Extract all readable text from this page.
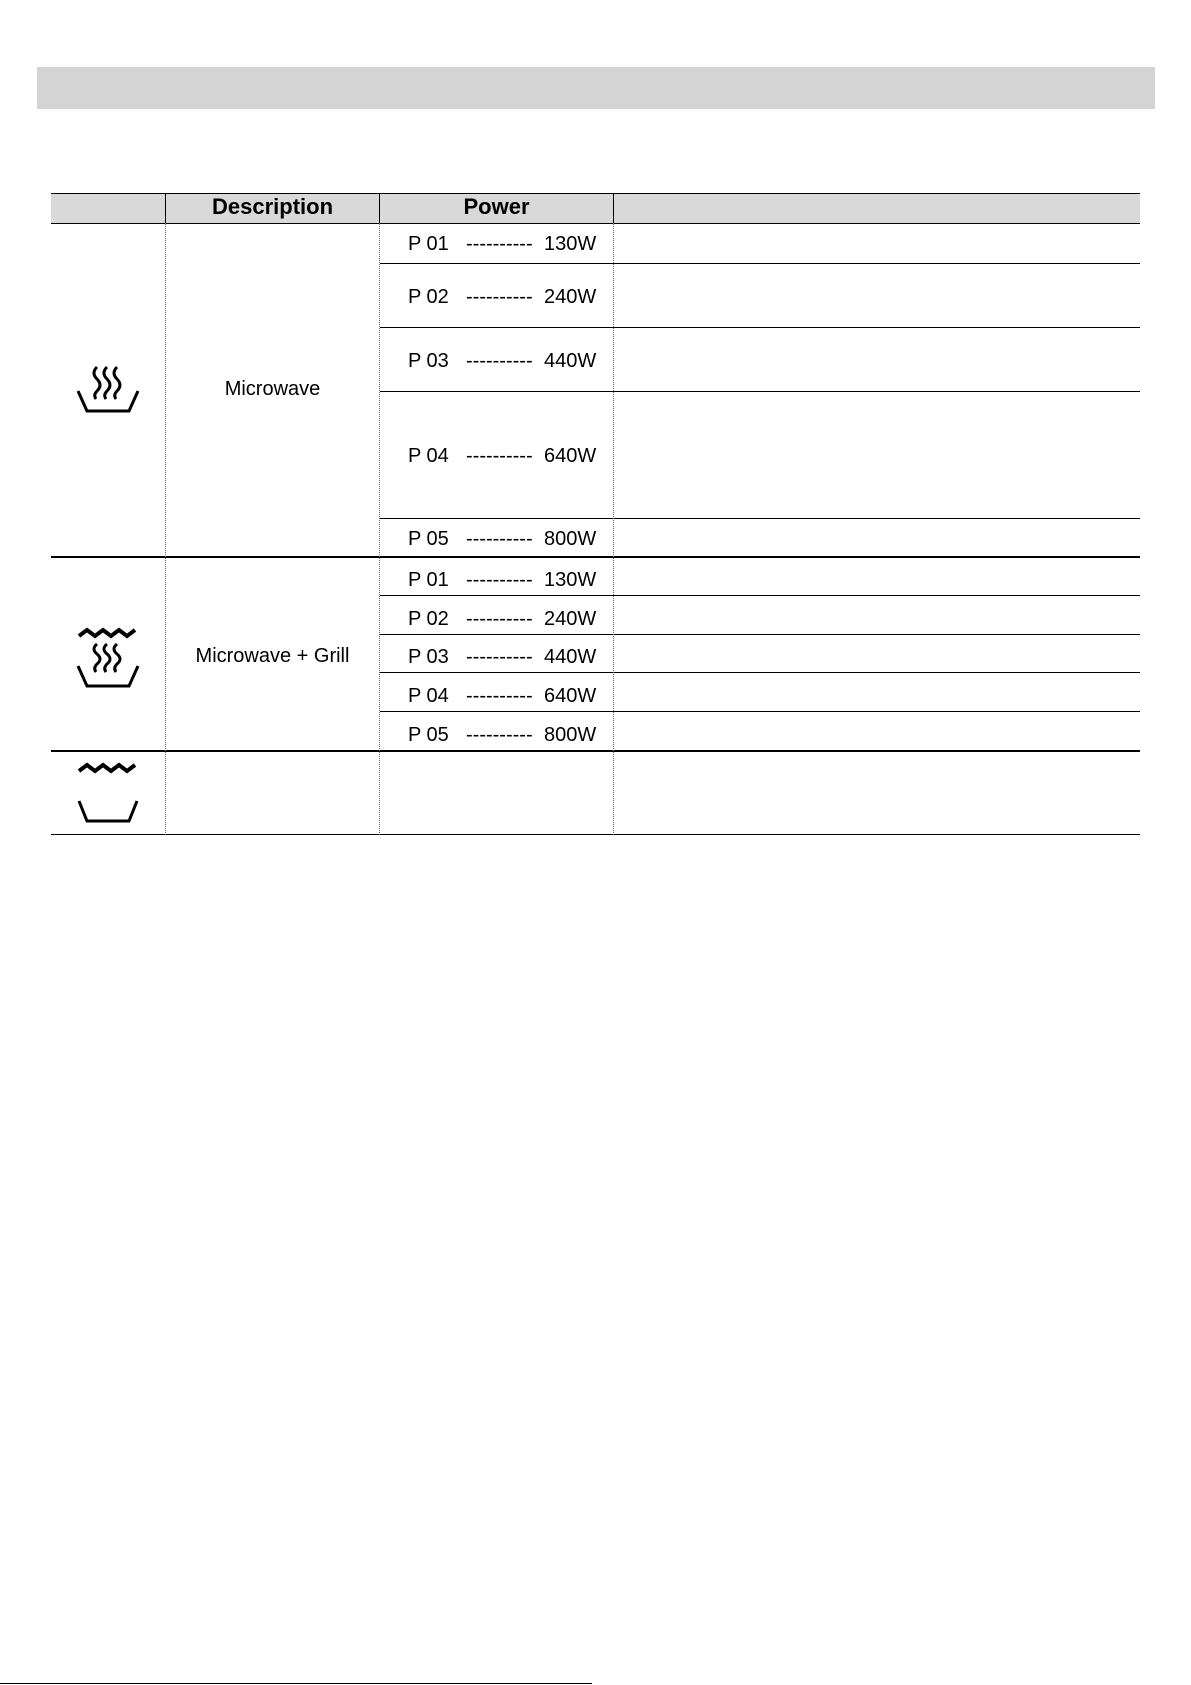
Description	Power
Microwave
P 01 ---------- 130W
P 02 ---------- 240W
P 03 ---------- 440W
P 04 ---------- 640W
P 05 ---------- 800W
Microwave + Grill
P 01 ---------- 130W
P 02 ---------- 240W
P 03 ---------- 440W
P 04 ---------- 640W
P 05 ---------- 800W
